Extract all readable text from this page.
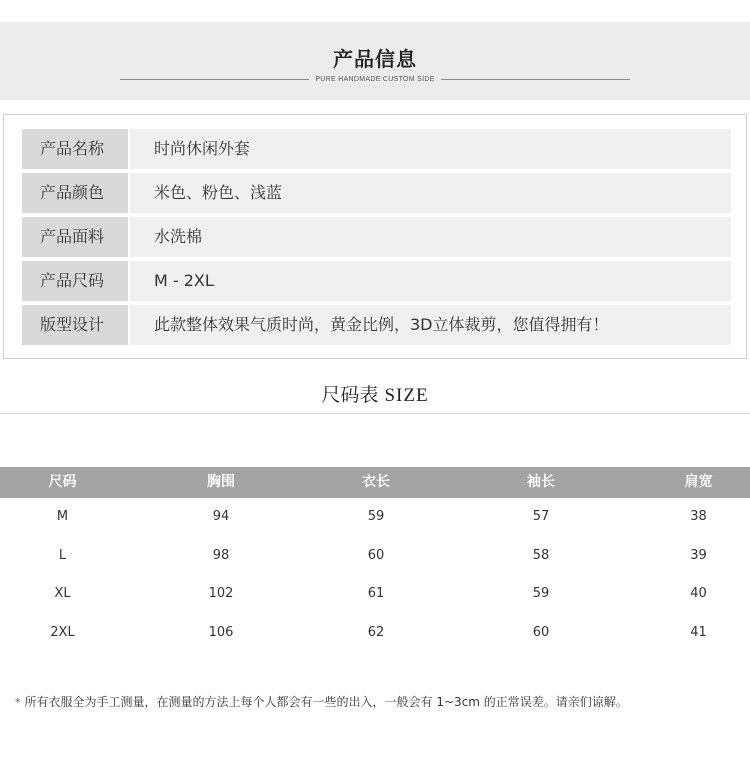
产品信息
PURE HANDMADE CUSTOM SIDE
产品名称	时尚休闲外套
产品颜色	米色、粉色、浅蓝
产品面料	水洗棉
产品尺码	M - 2XL
版型设计	此款整体效果气质时尚，黄金比例，3D立体裁剪，您值得拥有！
尺码表 SIZE
尺码	胸围	衣长	袖长	肩宽
M	94	59	57	38
L	98	60	58	39
XL	102	61	59	40
2XL	106	62	60	41
* 所有衣服全为手工测量，在测量的方法上每个人都会有一些的出入，一般会有 1~3cm 的正常误差。请亲们谅解。
